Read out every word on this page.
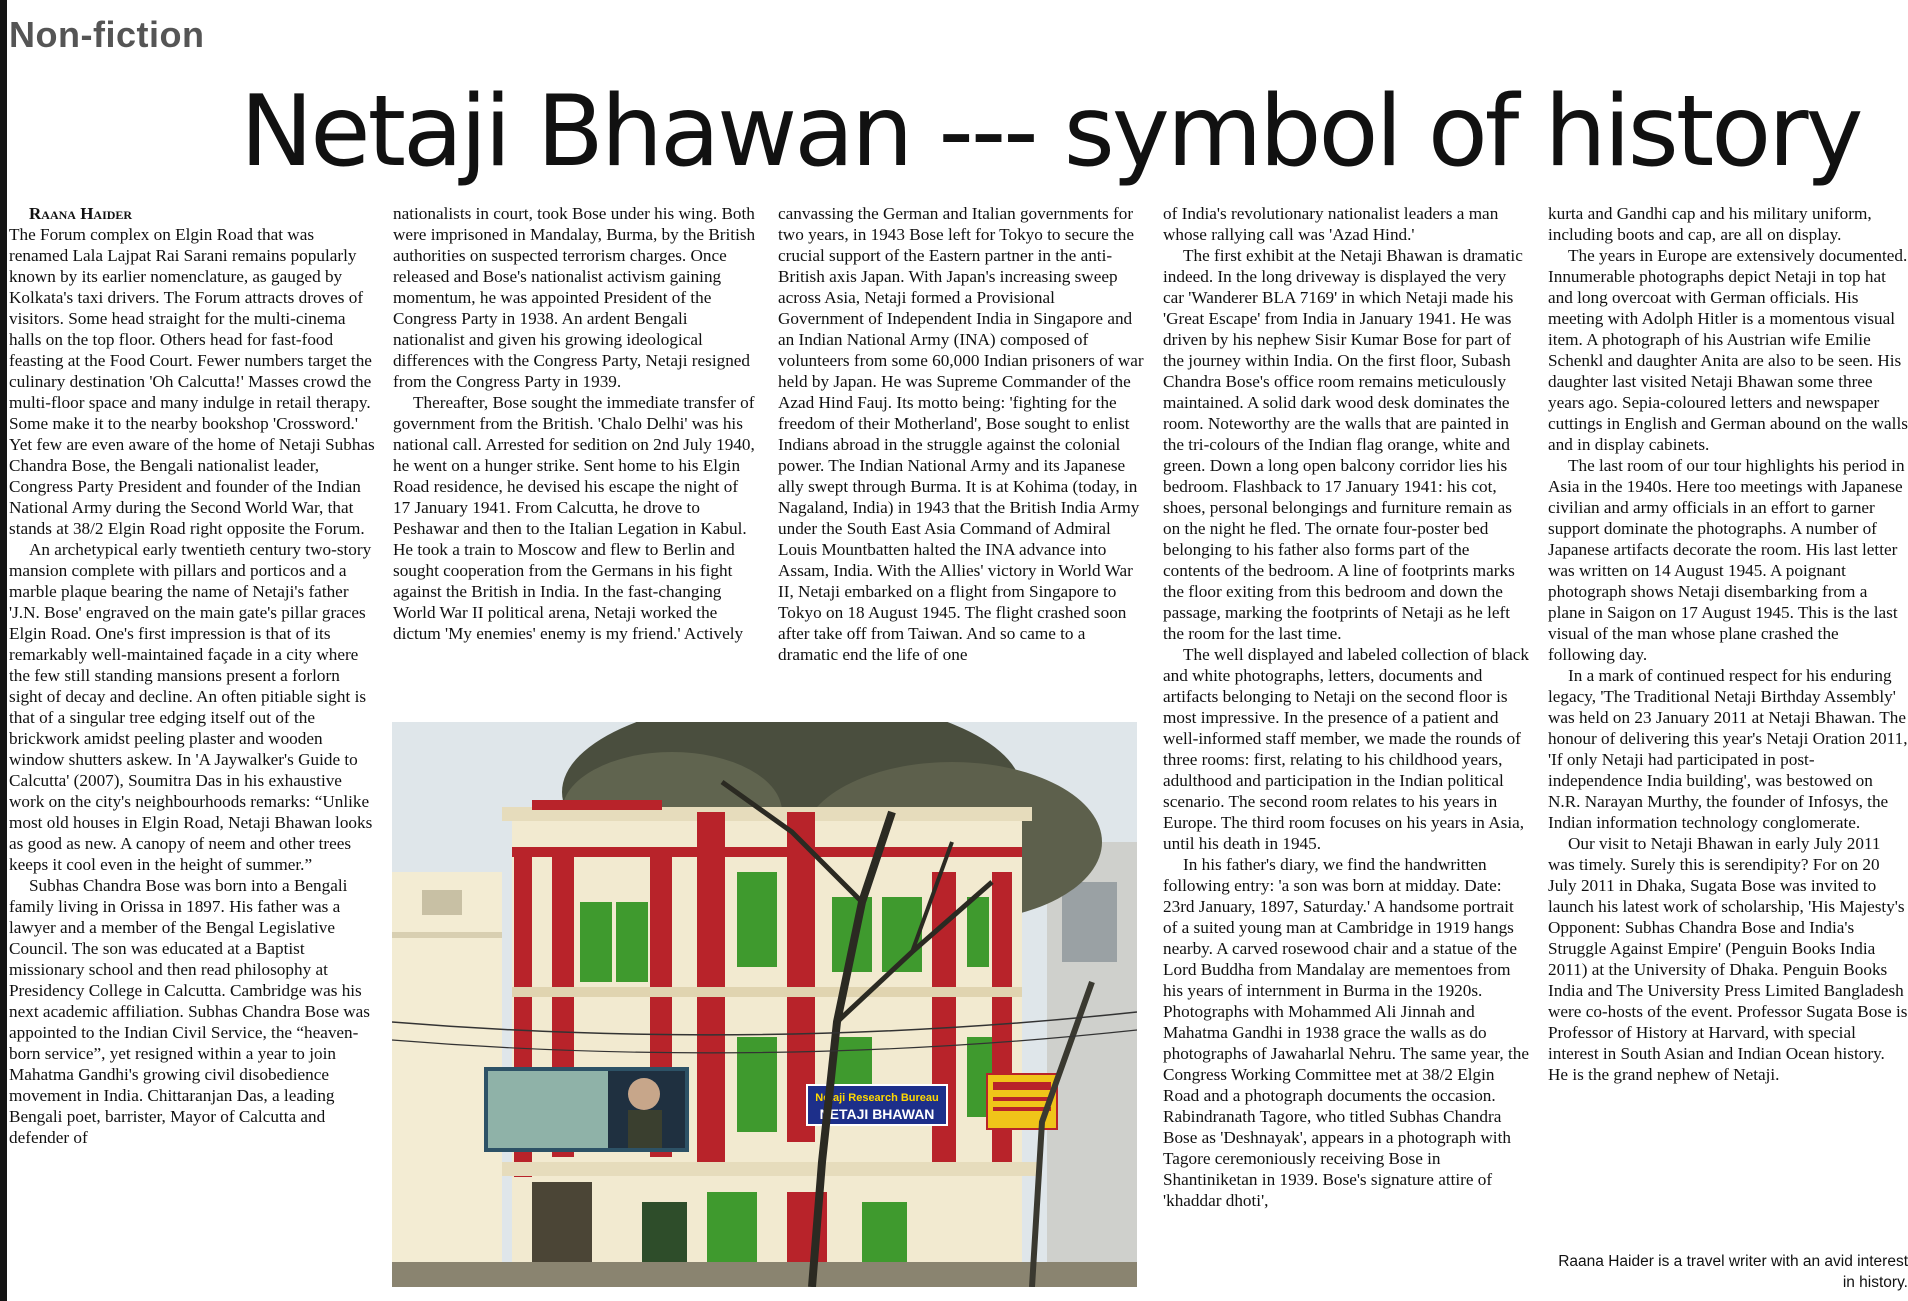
Non-fiction
Netaji Bhawan --- symbol of history

Raana Haider

The Forum complex on Elgin Road that was renamed Lala Lajpat Rai Sarani remains popularly known by its earlier nomenclature, as gauged by Kolkata's taxi drivers. The Forum attracts droves of visitors. Some head straight for the multi-cinema halls on the top floor. Others head for fast-food feasting at the Food Court. Fewer numbers target the culinary destination 'Oh Calcutta!' Masses crowd the multi-floor space and many indulge in retail therapy. Some make it to the nearby bookshop 'Crossword.' Yet few are even aware of the home of Netaji Subhas Chandra Bose, the Bengali nationalist leader, Congress Party President and founder of the Indian National Army during the Second World War, that stands at 38/2 Elgin Road right opposite the Forum.

An archetypical early twentieth century two-story mansion complete with pillars and porticos and a marble plaque bearing the name of Netaji's father 'J.N. Bose' engraved on the main gate's pillar graces Elgin Road. One's first impression is that of its remarkably well-maintained façade in a city where the few still standing mansions present a forlorn sight of decay and decline. An often pitiable sight is that of a singular tree edging itself out of the brickwork amidst peeling plaster and wooden window shutters askew. In 'A Jaywalker's Guide to Calcutta' (2007), Soumitra Das in his exhaustive work on the city's neighbourhoods remarks: “Unlike most old houses in Elgin Road, Netaji Bhawan looks as good as new. A canopy of neem and other trees keeps it cool even in the height of summer.”

Subhas Chandra Bose was born into a Bengali family living in Orissa in 1897. His father was a lawyer and a member of the Bengal Legislative Council. The son was educated at a Baptist missionary school and then read philosophy at Presidency College in Calcutta. Cambridge was his next academic affiliation. Subhas Chandra Bose was appointed to the Indian Civil Service, the “heaven-born service”, yet resigned within a year to join Mahatma Gandhi's growing civil disobedience movement in India. Chittaranjan Das, a leading Bengali poet, barrister, Mayor of Calcutta and defender of

nationalists in court, took Bose under his wing. Both were imprisoned in Mandalay, Burma, by the British authorities on suspected terrorism charges. Once released and Bose's nationalist activism gaining momentum, he was appointed President of the Congress Party in 1938. An ardent Bengali nationalist and given his growing ideological differences with the Congress Party, Netaji resigned from the Congress Party in 1939.

Thereafter, Bose sought the immediate transfer of government from the British. 'Chalo Delhi' was his national call. Arrested for sedition on 2nd July 1940, he went on a hunger strike. Sent home to his Elgin Road residence, he devised his escape the night of 17 January 1941. From Calcutta, he drove to Peshawar and then to the Italian Legation in Kabul. He took a train to Moscow and flew to Berlin and sought cooperation from the Germans in his fight against the British in India. In the fast-changing World War II political arena, Netaji worked the dictum 'My enemies' enemy is my friend.' Actively

canvassing the German and Italian governments for two years, in 1943 Bose left for Tokyo to secure the crucial support of the Eastern partner in the anti-British axis Japan. With Japan's increasing sweep across Asia, Netaji formed a Provisional Government of Independent India in Singapore and an Indian National Army (INA) composed of volunteers from some 60,000 Indian prisoners of war held by Japan. He was Supreme Commander of the Azad Hind Fauj. Its motto being: 'fighting for the freedom of their Motherland', Bose sought to enlist Indians abroad in the struggle against the colonial power. The Indian National Army and its Japanese ally swept through Burma. It is at Kohima (today, in Nagaland, India) in 1943 that the British India Army under the South East Asia Command of Admiral Louis Mountbatten halted the INA advance into Assam, India. With the Allies' victory in World War II, Netaji embarked on a flight from Singapore to Tokyo on 18 August 1945. The flight crashed soon after take off from Taiwan. And so came to a dramatic end the life of one

of India's revolutionary nationalist leaders a man whose rallying call was 'Azad Hind.'

The first exhibit at the Netaji Bhawan is dramatic indeed. In the long driveway is displayed the very car 'Wanderer BLA 7169' in which Netaji made his 'Great Escape' from India in January 1941. He was driven by his nephew Sisir Kumar Bose for part of the journey within India. On the first floor, Subash Chandra Bose's office room remains meticulously maintained. A solid dark wood desk dominates the room. Noteworthy are the walls that are painted in the tri-colours of the Indian flag orange, white and green. Down a long open balcony corridor lies his bedroom. Flashback to 17 January 1941: his cot, shoes, personal belongings and furniture remain as on the night he fled. The ornate four-poster bed belonging to his father also forms part of the contents of the bedroom. A line of footprints marks the floor exiting from this bedroom and down the passage, marking the footprints of Netaji as he left the room for the last time.

The well displayed and labeled collection of black and white photographs, letters, documents and artifacts belonging to Netaji on the second floor is most impressive. In the presence of a patient and well-informed staff member, we made the rounds of three rooms: first, relating to his childhood years, adulthood and participation in the Indian political scenario. The second room relates to his years in Europe. The third room focuses on his years in Asia, until his death in 1945.

In his father's diary, we find the handwritten following entry: 'a son was born at midday. Date: 23rd January, 1897, Saturday.' A handsome portrait of a suited young man at Cambridge in 1919 hangs nearby. A carved rosewood chair and a statue of the Lord Buddha from Mandalay are mementoes from his years of internment in Burma in the 1920s. Photographs with Mohammed Ali Jinnah and Mahatma Gandhi in 1938 grace the walls as do photographs of Jawaharlal Nehru. The same year, the Congress Working Committee met at 38/2 Elgin Road and a photograph documents the occasion. Rabindranath Tagore, who titled Subhas Chandra Bose as 'Deshnayak', appears in a photograph with Tagore ceremoniously receiving Bose in Shantiniketan in 1939. Bose's signature attire of 'khaddar dhoti',

kurta and Gandhi cap and his military uniform, including boots and cap, are all on display.

The years in Europe are extensively documented. Innumerable photographs depict Netaji in top hat and long overcoat with German officials. His meeting with Adolph Hitler is a momentous visual item. A photograph of his Austrian wife Emilie Schenkl and daughter Anita are also to be seen. His daughter last visited Netaji Bhawan some three years ago. Sepia-coloured letters and newspaper cuttings in English and German abound on the walls and in display cabinets.

The last room of our tour highlights his period in Asia in the 1940s. Here too meetings with Japanese civilian and army officials in an effort to garner support dominate the photographs. A number of Japanese artifacts decorate the room. His last letter was written on 14 August 1945. A poignant photograph shows Netaji disembarking from a plane in Saigon on 17 August 1945. This is the last visual of the man whose plane crashed the following day.

In a mark of continued respect for his enduring legacy, 'The Traditional Netaji Birthday Assembly' was held on 23 January 2011 at Netaji Bhawan. The honour of delivering this year's Netaji Oration 2011, 'If only Netaji had participated in post-independence India building', was bestowed on N.R. Narayan Murthy, the founder of Infosys, the Indian information technology conglomerate.

Our visit to Netaji Bhawan in early July 2011 was timely. Surely this is serendipity? For on 20 July 2011 in Dhaka, Sugata Bose was invited to launch his latest work of scholarship, 'His Majesty's Opponent: Subhas Chandra Bose and India's Struggle Against Empire' (Penguin Books India 2011) at the University of Dhaka. Penguin Books India and The University Press Limited Bangladesh were co-hosts of the event. Professor Sugata Bose is Professor of History at Harvard, with special interest in South Asian and Indian Ocean history. He is the grand nephew of Netaji.

Raana Haider is a travel writer with an avid interest in history.
Netaji Research Bureau
NETAJI BHAWAN
